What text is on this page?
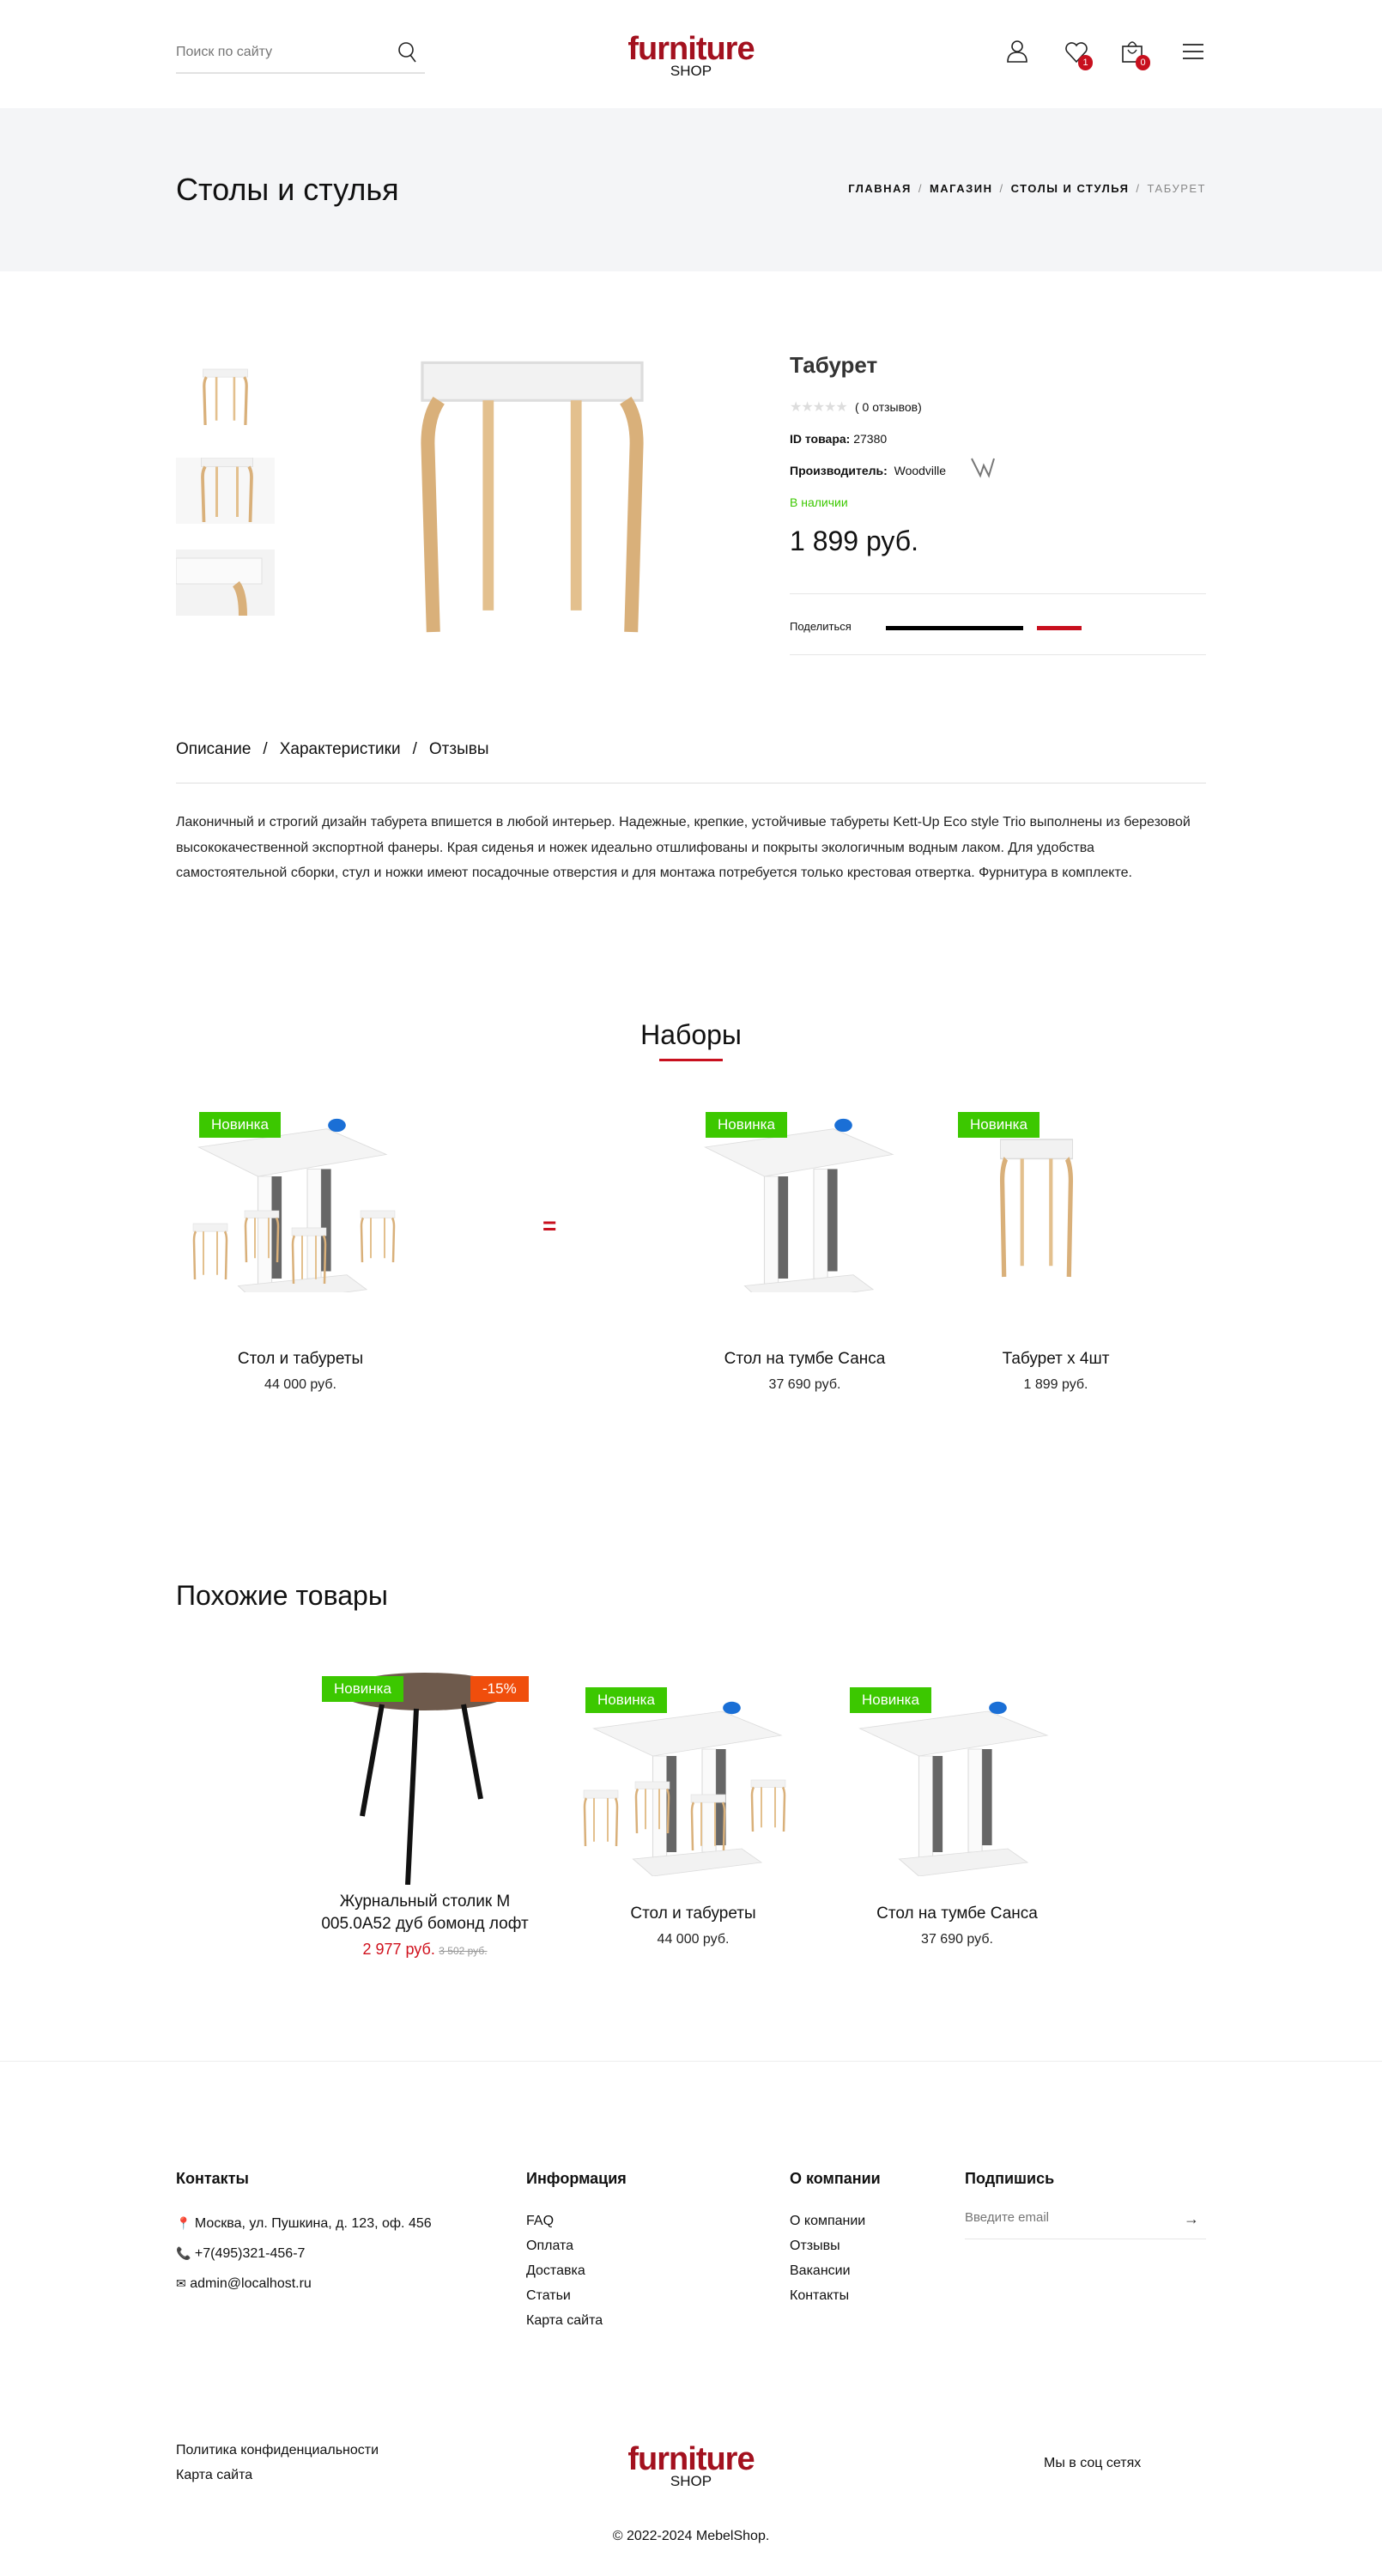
Поиск по сайту
furniture
SHOP	1	0
Столы и стулья	ГЛАВНАЯ / МАГАЗИН / СТОЛЫ И СТУЛЬЯ / ТАБУРЕТ
Табурет
★★★★★ ( 0 отзывов)
ID товара: 27380
Производитель: Woodville
В наличии
1 899 руб.
Поделиться
Описание / Характеристики / Отзывы

Лаконичный и строгий дизайн табурета впишется в любой интерьер. Надежные, крепкие, устойчивые табуреты Kett-Up Eco style Trio выполнены из березовой высококачественной экспортной фанеры. Края сиденья и ножек идеально отшлифованы и покрыты экологичным водным лаком. Для удобства самостоятельной сборки, стул и ножки имеют посадочные отверстия и для монтажа потребуется только крестовая отвертка. Фурнитура в комплекте.

Наборы
Новинка
Стол и табуреты
44 000 руб.
=
Новинка
Стол на тумбе Санса
37 690 руб.
Новинка
Табурет x 4шт
1 899 руб.
Похожие товары
Новинка	-15%
Журнальный столик М 005.0А52 дуб бомонд лофт
2 977 руб. 3 502 руб.
Новинка
Стол и табуреты
44 000 руб.
Новинка
Стол на тумбе Санса
37 690 руб.
Контакты
📍 Москва, ул. Пушкина, д. 123, оф. 456
📞 +7(495)321-456-7
✉ admin@localhost.ru
Информация
FAQ
Оплата
Доставка
Статьи
Карта сайта
О компании
О компании
Отзывы
Вакансии
Контакты
Подпишись
Введите email
→
Политика конфиденциальности
Карта сайта	furniture
SHOP
Мы в соц сетях
© 2022-2024 MebelShop.
